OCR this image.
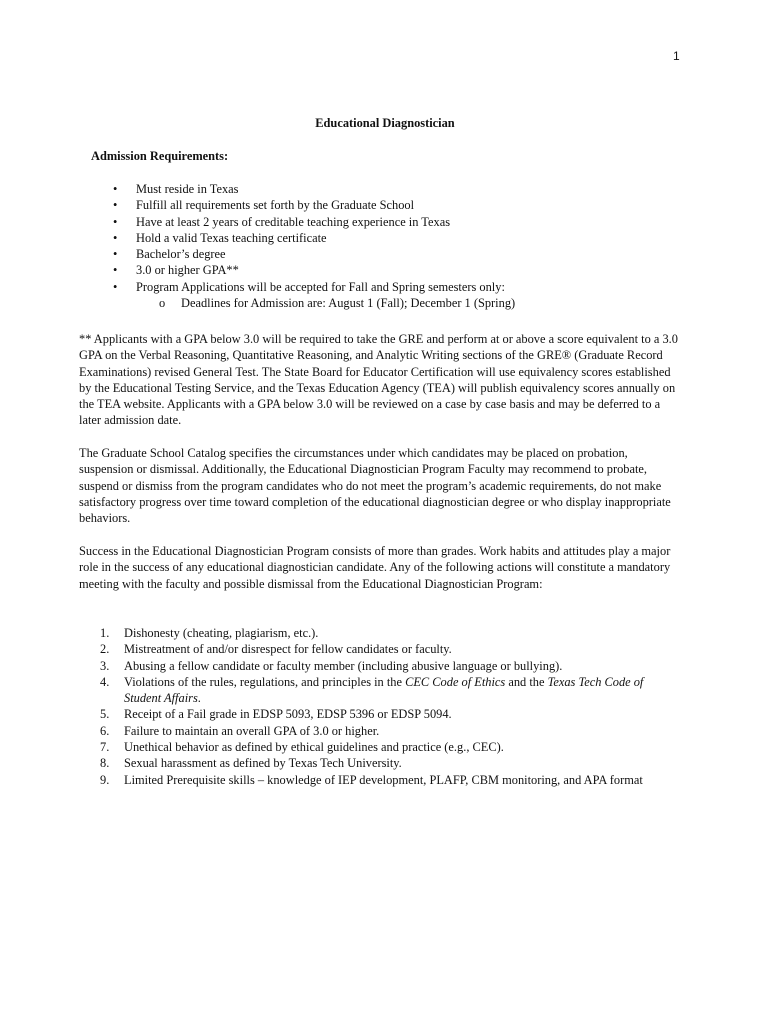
1
Educational Diagnostician
Admission Requirements:
• Must reside in Texas
• Fulfill all requirements set forth by the Graduate School
• Have at least 2 years of creditable teaching experience in Texas
• Hold a valid Texas teaching certificate
• Bachelor’s degree
• 3.0 or higher GPA**
• Program Applications will be accepted for Fall and Spring semesters only:
o Deadlines for Admission are: August 1 (Fall); December 1 (Spring)

** Applicants with a GPA below 3.0 will be required to take the GRE and perform at or above a score equivalent to a 3.0 GPA on the Verbal Reasoning, Quantitative Reasoning, and Analytic Writing sections of the GRE® (Graduate Record Examinations) revised General Test. The State Board for Educator Certification will use equivalency scores established by the Educational Testing Service, and the Texas Education Agency (TEA) will publish equivalency scores annually on the TEA website. Applicants with a GPA below 3.0 will be reviewed on a case by case basis and may be deferred to a later admission date.

The Graduate School Catalog specifies the circumstances under which candidates may be placed on probation, suspension or dismissal. Additionally, the Educational Diagnostician Program Faculty may recommend to probate, suspend or dismiss from the program candidates who do not meet the program’s academic requirements, do not make satisfactory progress over time toward completion of the educational diagnostician degree or who display inappropriate behaviors.

Success in the Educational Diagnostician Program consists of more than grades. Work habits and attitudes play a major role in the success of any educational diagnostician candidate. Any of the following actions will constitute a mandatory meeting with the faculty and possible dismissal from the Educational Diagnostician Program:

1. Dishonesty (cheating, plagiarism, etc.).
2. Mistreatment of and/or disrespect for fellow candidates or faculty.
3. Abusing a fellow candidate or faculty member (including abusive language or bullying).
4. Violations of the rules, regulations, and principles in the CEC Code of Ethics and the Texas Tech Code of Student Affairs.
5. Receipt of a Fail grade in EDSP 5093, EDSP 5396 or EDSP 5094.
6. Failure to maintain an overall GPA of 3.0 or higher.
7. Unethical behavior as defined by ethical guidelines and practice (e.g., CEC).
8. Sexual harassment as defined by Texas Tech University.
9. Limited Prerequisite skills – knowledge of IEP development, PLAFP, CBM monitoring, and APA format
